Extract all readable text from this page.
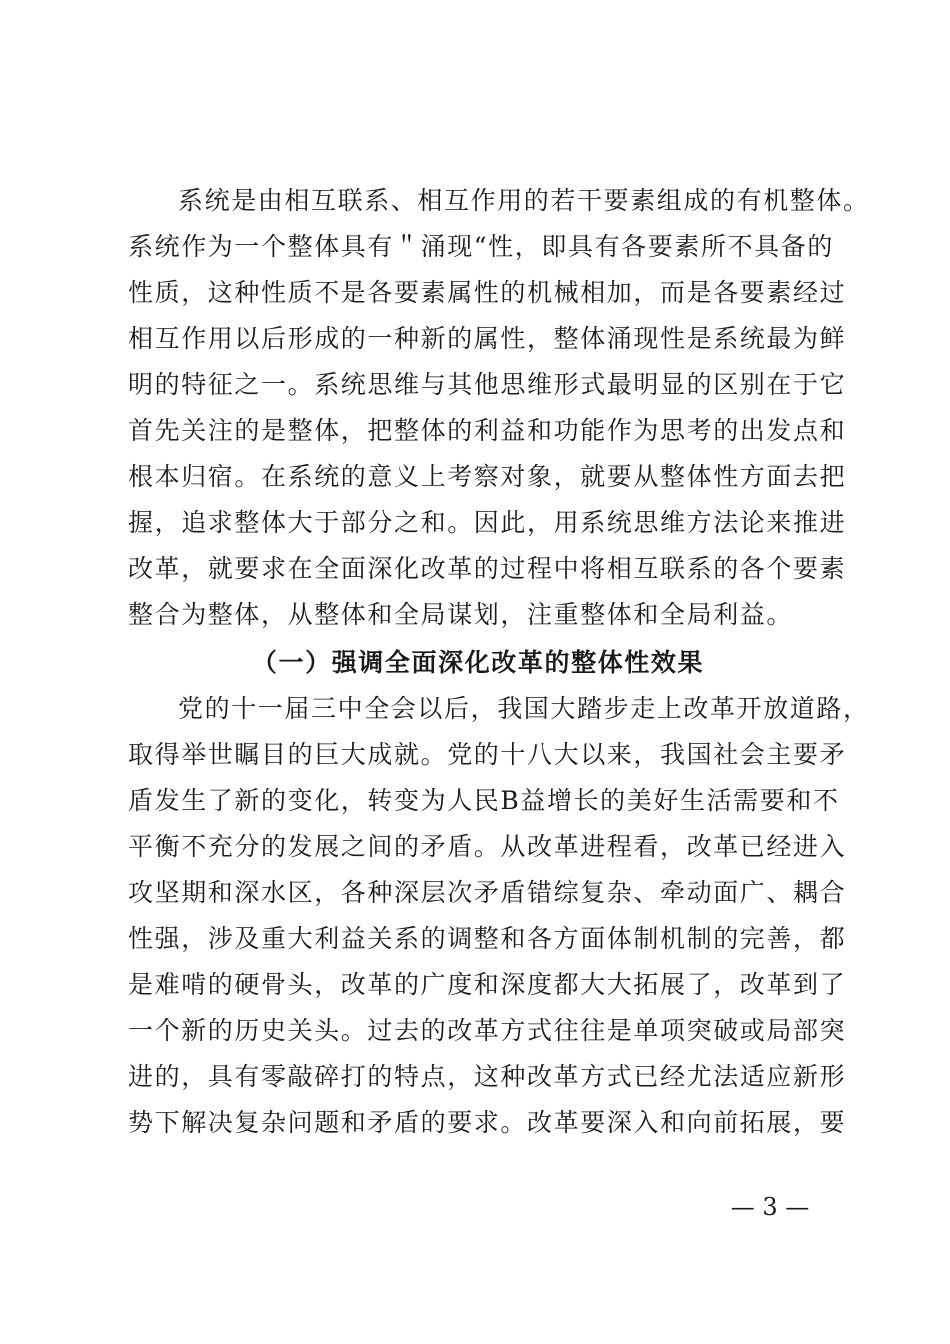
系统是由相互联系、相互作用的若干要素组成的有机整体。
系统作为一个整体具有＂涌现“性，即具有各要素所不具备的
性质，这种性质不是各要素属性的机械相加，而是各要素经过
相互作用以后形成的一种新的属性，整体涌现性是系统最为鲜
明的特征之一。系统思维与其他思维形式最明显的区别在于它
首先关注的是整体，把整体的利益和功能作为思考的出发点和
根本归宿。在系统的意义上考察对象，就要从整体性方面去把
握，追求整体大于部分之和。因此，用系统思维方法论来推进
改革，就要求在全面深化改革的过程中将相互联系的各个要素
整合为整体，从整体和全局谋划，注重整体和全局利益。
（一）强调全面深化改革的整体性效果
党的十一届三中全会以后，我国大踏步走上改革开放道路，
取得举世瞩目的巨大成就。党的十八大以来，我国社会主要矛
盾发生了新的变化，转变为人民B益增长的美好生活需要和不
平衡不充分的发展之间的矛盾。从改革进程看，改革已经进入
攻坚期和深水区，各种深层次矛盾错综复杂、牵动面广、耦合
性强，涉及重大利益关系的调整和各方面体制机制的完善，都
是难啃的硬骨头，改革的广度和深度都大大拓展了，改革到了
一个新的历史关头。过去的改革方式往往是单项突破或局部突
进的，具有零敲碎打的特点，这种改革方式已经尤法适应新形
势下解决复杂问题和矛盾的要求。改革要深入和向前拓展，要
— 3 —
